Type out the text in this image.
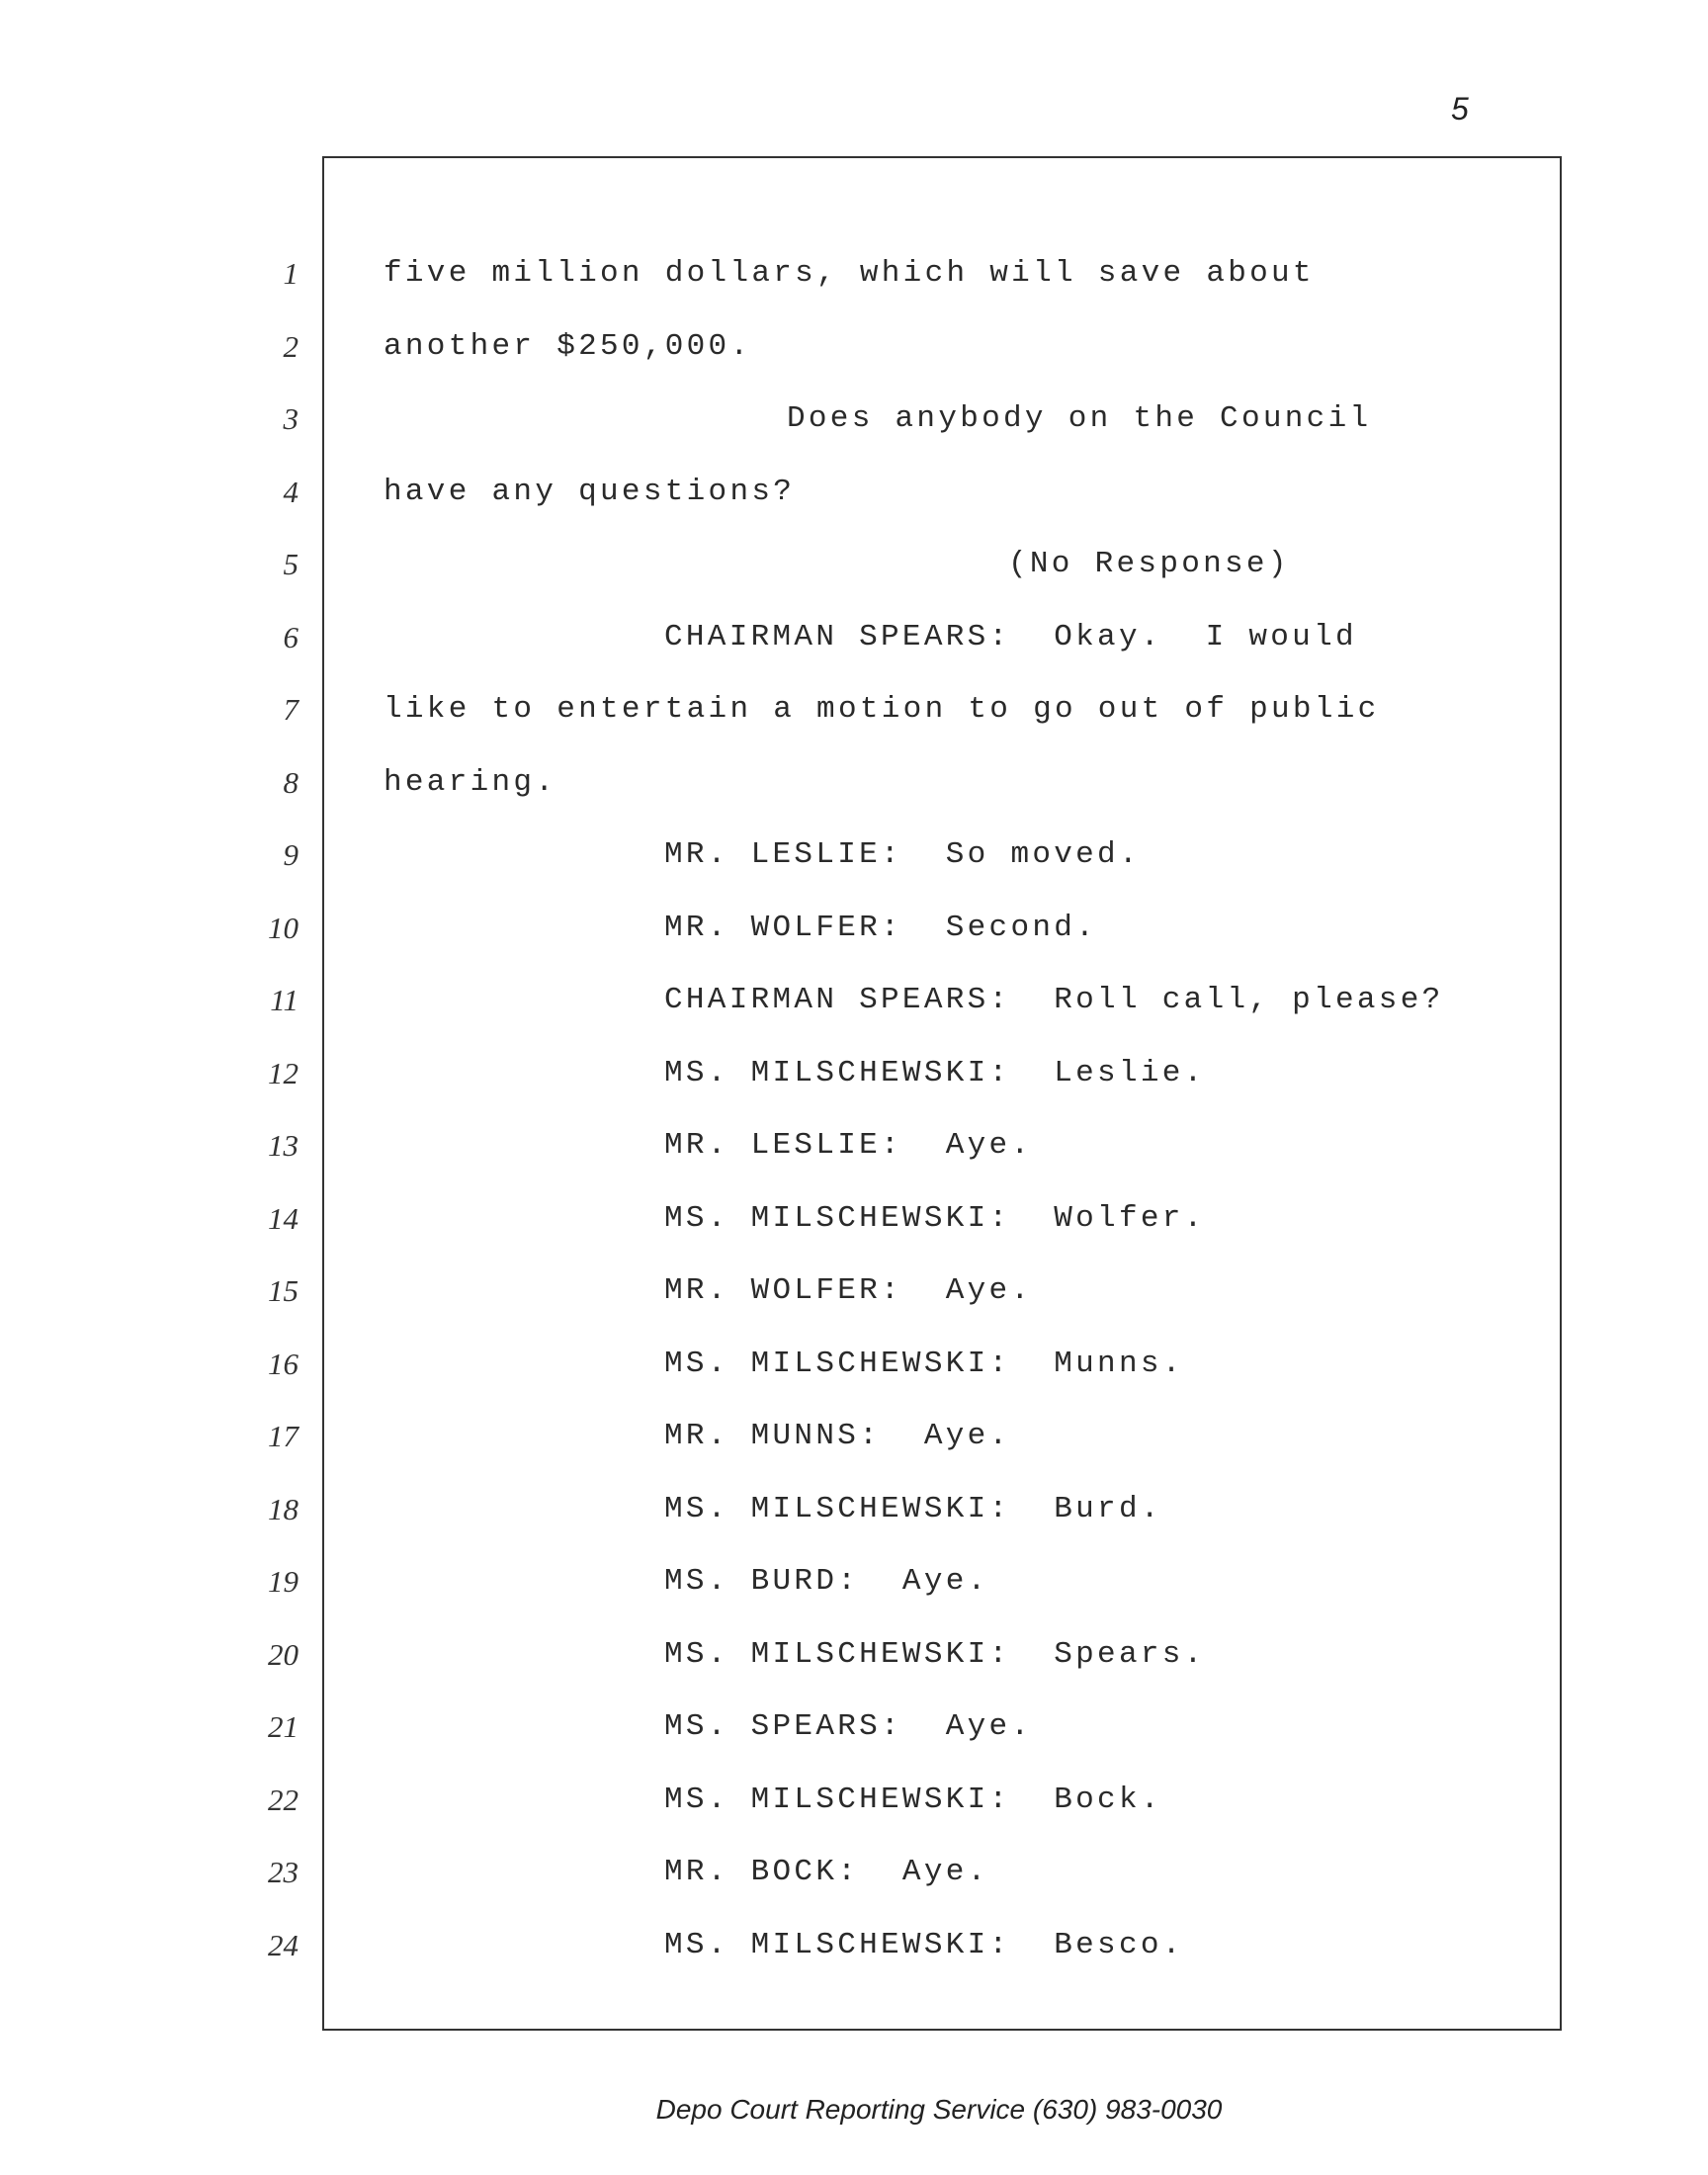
5
1
2
3
4
5
6
7
8
9
10
11
12
13
14
15
16
17
18
19
20
21
22
23
24
five million dollars, which will save about
another $250,000.
Does anybody on the Council
have any questions?
(No Response)
CHAIRMAN SPEARS:  Okay.  I would
like to entertain a motion to go out of public
hearing.
MR. LESLIE:  So moved.
MR. WOLFER:  Second.
CHAIRMAN SPEARS:  Roll call, please?
MS. MILSCHEWSKI:  Leslie.
MR. LESLIE:  Aye.
MS. MILSCHEWSKI:  Wolfer.
MR. WOLFER:  Aye.
MS. MILSCHEWSKI:  Munns.
MR. MUNNS:  Aye.
MS. MILSCHEWSKI:  Burd.
MS. BURD:  Aye.
MS. MILSCHEWSKI:  Spears.
MS. SPEARS:  Aye.
MS. MILSCHEWSKI:  Bock.
MR. BOCK:  Aye.
MS. MILSCHEWSKI:  Besco.
Depo Court Reporting Service (630) 983-0030
